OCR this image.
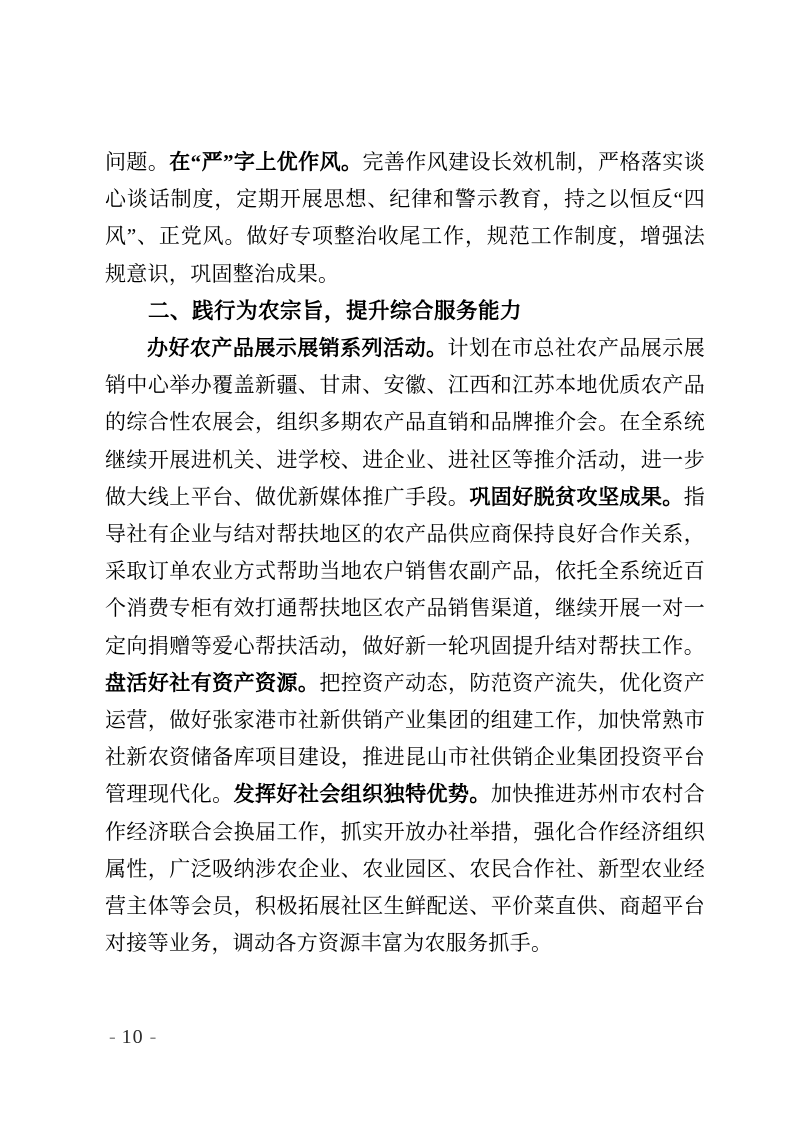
问题。在“严”字上优作风。完善作风建设长效机制，严格落实谈心谈话制度，定期开展思想、纪律和警示教育，持之以恒反“四风”、正党风。做好专项整治收尾工作，规范工作制度，增强法规意识，巩固整治成果。

二、践行为农宗旨，提升综合服务能力

办好农产品展示展销系列活动。计划在市总社农产品展示展销中心举办覆盖新疆、甘肃、安徽、江西和江苏本地优质农产品的综合性农展会，组织多期农产品直销和品牌推介会。在全系统继续开展进机关、进学校、进企业、进社区等推介活动，进一步做大线上平台、做优新媒体推广手段。巩固好脱贫攻坚成果。指导社有企业与结对帮扶地区的农产品供应商保持良好合作关系，采取订单农业方式帮助当地农户销售农副产品，依托全系统近百个消费专柜有效打通帮扶地区农产品销售渠道，继续开展一对一定向捐赠等爱心帮扶活动，做好新一轮巩固提升结对帮扶工作。盘活好社有资产资源。把控资产动态，防范资产流失，优化资产运营，做好张家港市社新供销产业集团的组建工作，加快常熟市社新农资储备库项目建设，推进昆山市社供销企业集团投资平台管理现代化。发挥好社会组织独特优势。加快推进苏州市农村合作经济联合会换届工作，抓实开放办社举措，强化合作经济组织属性，广泛吸纳涉农企业、农业园区、农民合作社、新型农业经营主体等会员，积极拓展社区生鲜配送、平价菜直供、商超平台对接等业务，调动各方资源丰富为农服务抓手。

- 10 -
